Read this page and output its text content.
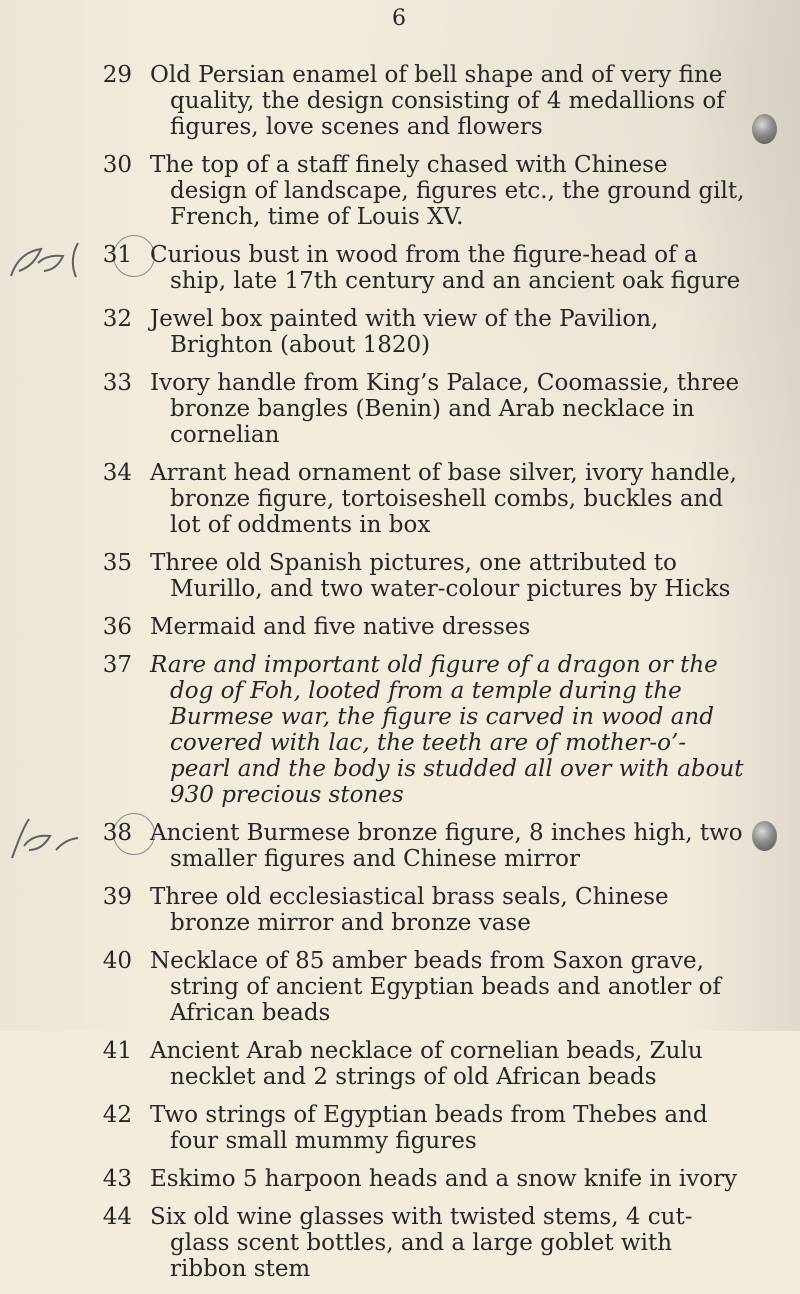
6
29 Old Persian enamel of bell shape and of very fine quality, the design consisting of 4 medallions of figures, love scenes and flowers
30 The top of a staff finely chased with Chinese design of landscape, figures etc., the ground gilt, French, time of Louis XV.
31 Curious bust in wood from the figure-head of a ship, late 17th century and an ancient oak figure
32 Jewel box painted with view of the Pavilion, Brighton (about 1820)
33 Ivory handle from King’s Palace, Coomassie, three bronze bangles (Benin) and Arab necklace in cornelian
34 Arrant head ornament of base silver, ivory handle, bronze figure, tortoiseshell combs, buckles and lot of oddments in box
35 Three old Spanish pictures, one attributed to Murillo, and two water-colour pictures by Hicks
36 Mermaid and five native dresses
37 Rare and important old figure of a dragon or the dog of Foh, looted from a temple during the Burmese war, the figure is carved in wood and covered with lac, the teeth are of mother-o’-pearl and the body is studded all over with about 930 precious stones
38 Ancient Burmese bronze figure, 8 inches high, two smaller figures and Chinese mirror
39 Three old ecclesiastical brass seals, Chinese bronze mirror and bronze vase
40 Necklace of 85 amber beads from Saxon grave, string of ancient Egyptian beads and anotler of African beads
41 Ancient Arab necklace of cornelian beads, Zulu necklet and 2 strings of old African beads
42 Two strings of Egyptian beads from Thebes and four small mummy figures
43 Eskimo 5 harpoon heads and a snow knife in ivory
44 Six old wine glasses with twisted stems, 4 cut-glass scent bottles, and a large goblet with ribbon stem
